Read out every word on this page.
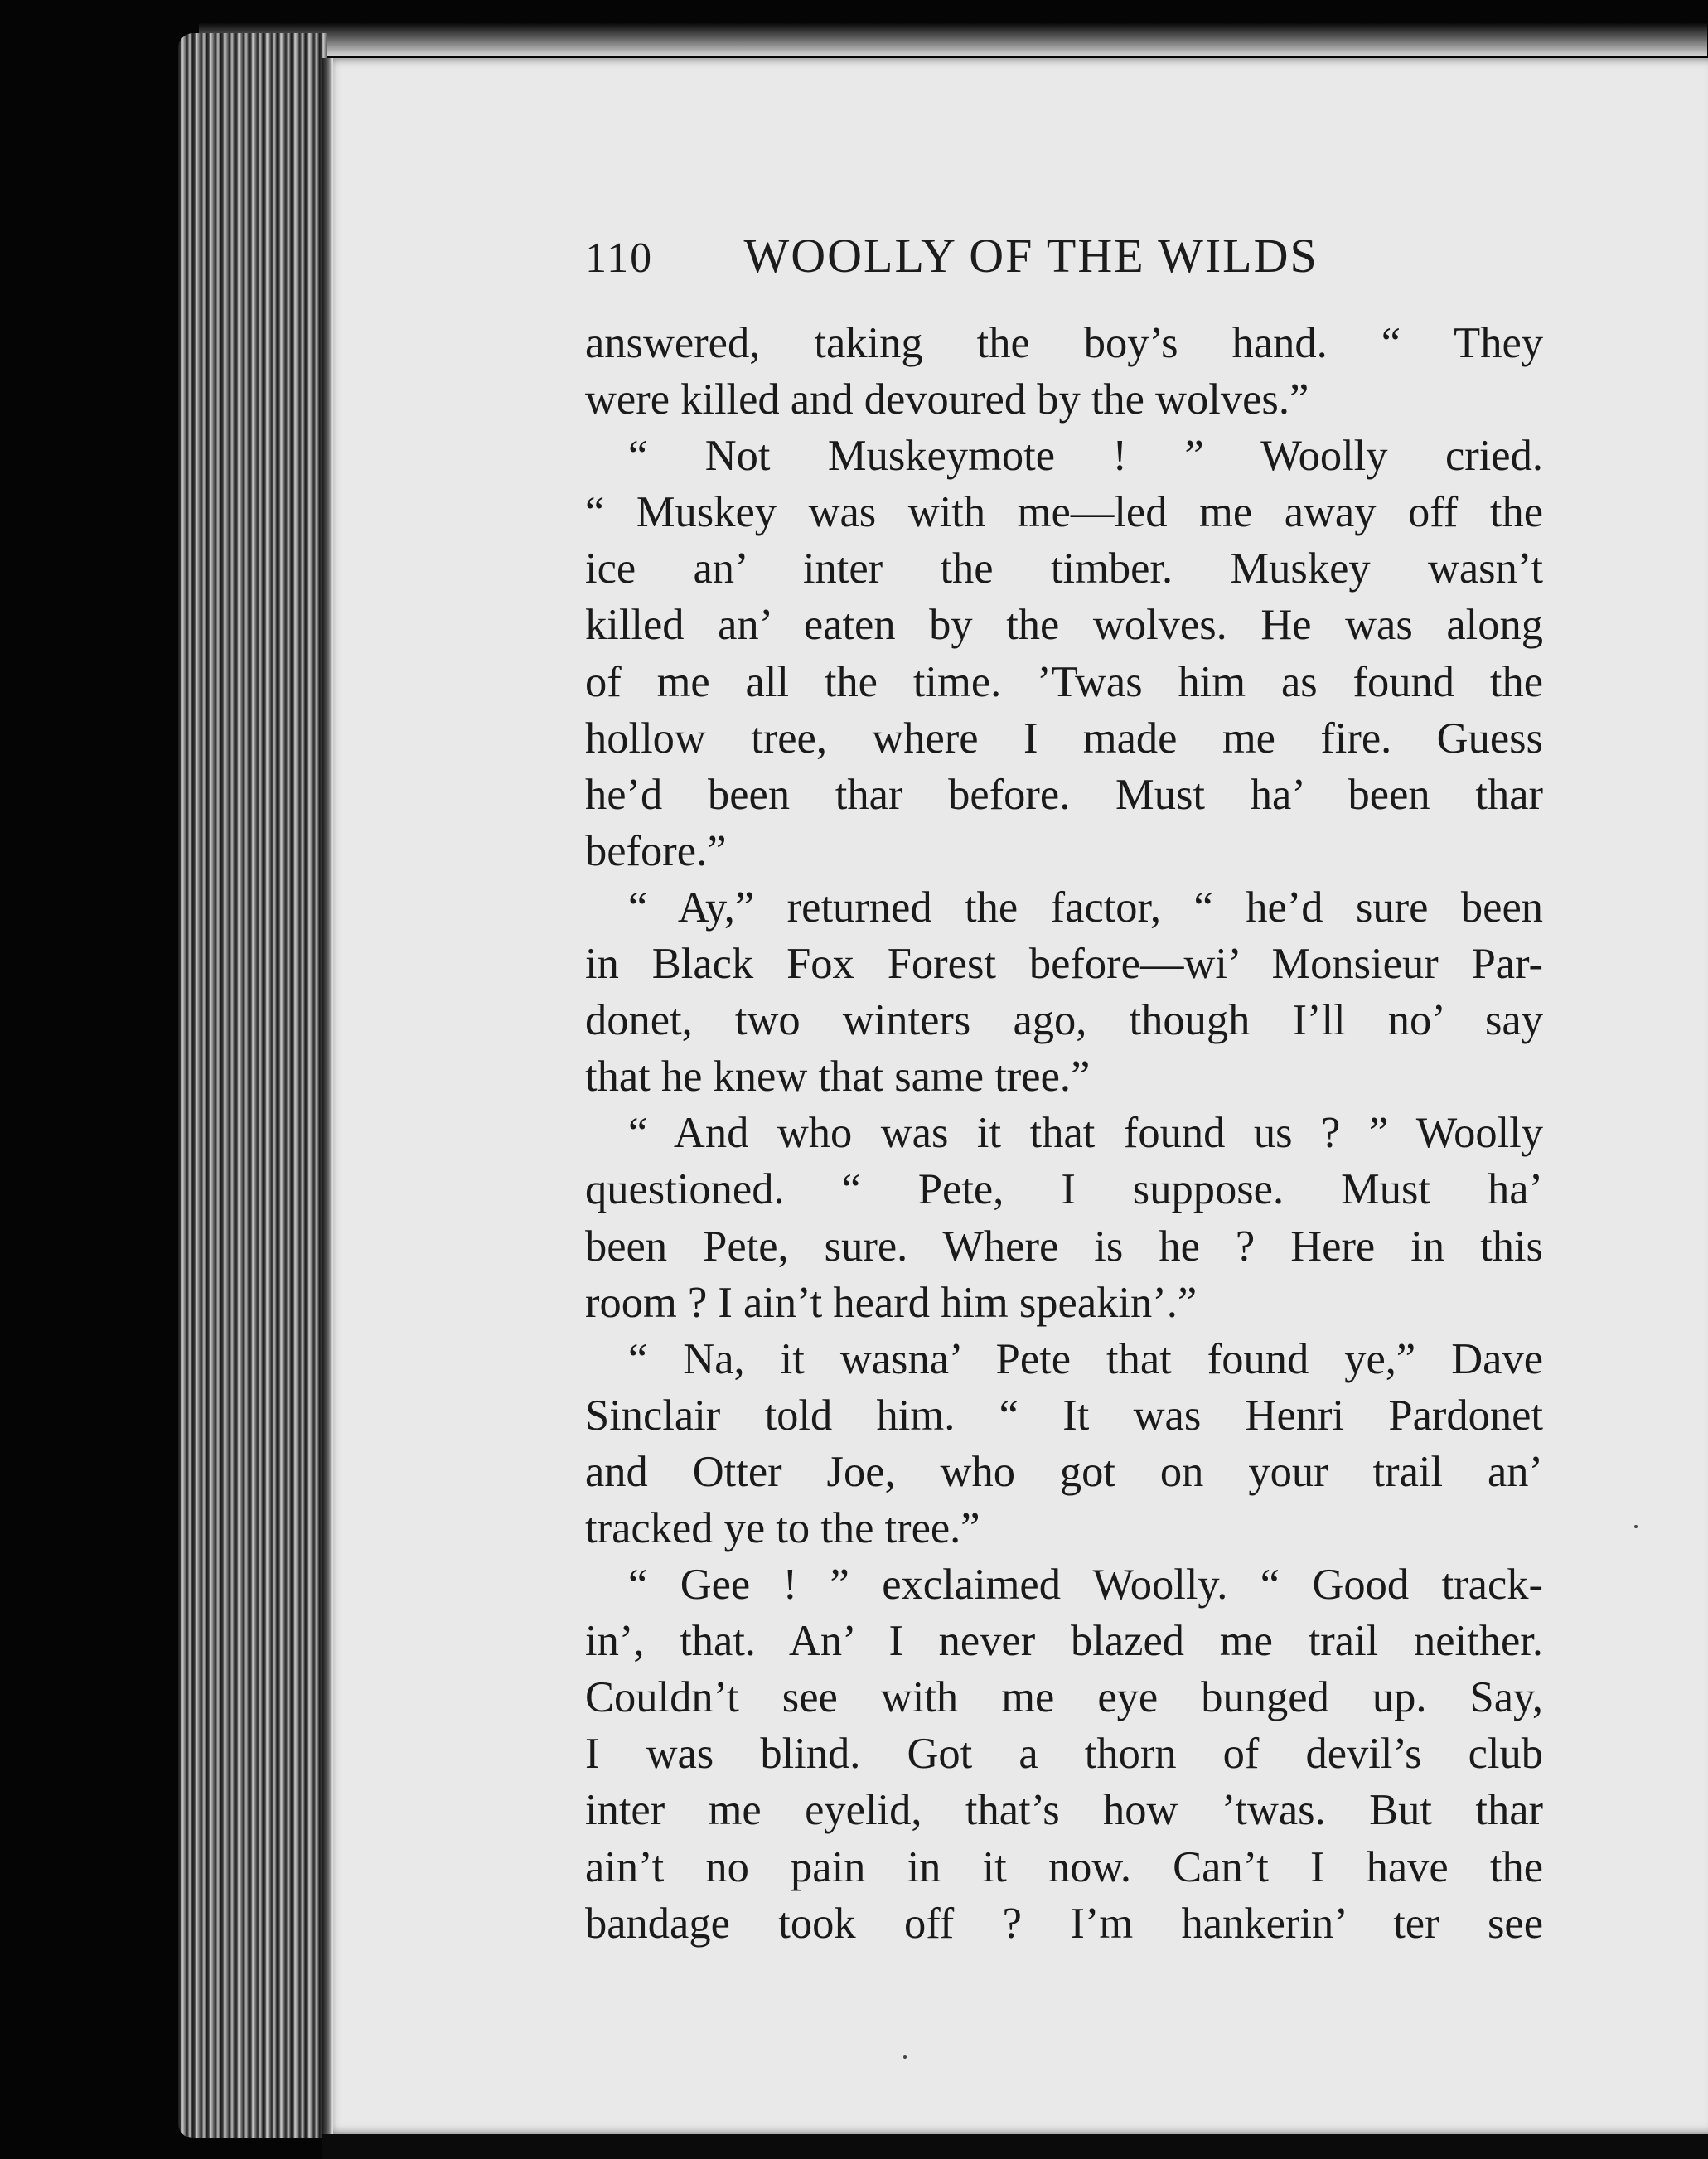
110 WOOLLY OF THE WILDS
answered, taking the boy’s hand. “ They
were killed and devoured by the wolves.”
“ Not Muskeymote ! ” Woolly cried.
“ Muskey was with me—led me away off the
ice an’ inter the timber. Muskey wasn’t
killed an’ eaten by the wolves. He was along
of me all the time. ’Twas him as found the
hollow tree, where I made me fire. Guess
he’d been thar before. Must ha’ been thar
before.”
“ Ay,” returned the factor, “ he’d sure been
in Black Fox Forest before—wi’ Monsieur Par-
donet, two winters ago, though I’ll no’ say
that he knew that same tree.”
“ And who was it that found us ? ” Woolly
questioned. “ Pete, I suppose. Must ha’
been Pete, sure. Where is he ? Here in this
room ? I ain’t heard him speakin’.”
“ Na, it wasna’ Pete that found ye,” Dave
Sinclair told him. “ It was Henri Pardonet
and Otter Joe, who got on your trail an’
tracked ye to the tree.”
“ Gee ! ” exclaimed Woolly. “ Good track-
in’, that. An’ I never blazed me trail neither.
Couldn’t see with me eye bunged up. Say,
I was blind. Got a thorn of devil’s club
inter me eyelid, that’s how ’twas. But thar
ain’t no pain in it now. Can’t I have the
bandage took off ? I’m hankerin’ ter see
